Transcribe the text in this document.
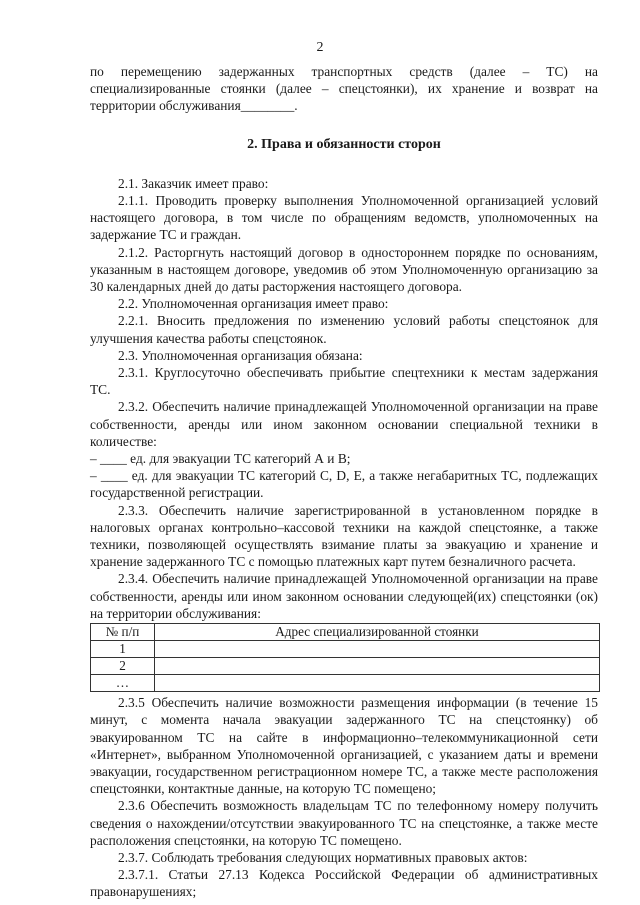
2

по перемещению задержанных транспортных средств (далее – ТС) на специализированные стоянки (далее – спецстоянки), их хранение и возврат на территории обслуживания________.

2. Права и обязанности сторон

2.1. Заказчик имеет право:

2.1.1. Проводить проверку выполнения Уполномоченной организацией условий настоящего договора, в том числе по обращениям ведомств, уполномоченных на задержание ТС и граждан.

2.1.2. Расторгнуть настоящий договор в одностороннем порядке по основаниям, указанным в настоящем договоре, уведомив об этом Уполномоченную организацию за 30 календарных дней до даты расторжения настоящего договора.

2.2. Уполномоченная организация имеет право:

2.2.1. Вносить предложения по изменению условий работы спецстоянок для улучшения качества работы спецстоянок.

2.3. Уполномоченная организация обязана:

2.3.1. Круглосуточно обеспечивать прибытие спецтехники к местам задержания ТС.

2.3.2. Обеспечить наличие принадлежащей Уполномоченной организации на праве собственности, аренды или ином законном основании специальной техники в количестве:

– ____ ед. для эвакуации ТС категорий А и В;

– ____ ед. для эвакуации ТС категорий C, D, E, а также негабаритных ТС, подлежащих государственной регистрации.

2.3.3. Обеспечить наличие зарегистрированной в установленном порядке в налоговых органах контрольно–кассовой техники на каждой спецстоянке, а также техники, позволяющей осуществлять взимание платы за эвакуацию и хранение и хранение задержанного ТС с помощью платежных карт путем безналичного расчета.

2.3.4. Обеспечить наличие принадлежащей Уполномоченной организации на праве собственности, аренды или ином законном основании следующей(их) спецстоянки (ок) на территории обслуживания:

№ п/п	Адрес специализированной стоянки
1	
2	
…	

2.3.5 Обеспечить наличие возможности размещения информации (в течение 15 минут, с момента начала эвакуации задержанного ТС на спецстоянку) об эвакуированном ТС на сайте в информационно–телекоммуникационной сети «Интернет», выбранном Уполномоченной организацией, с указанием даты и времени эвакуации, государственном регистрационном номере ТС, а также месте расположения спецстоянки, контактные данные, на которую ТС помещено;

2.3.6 Обеспечить возможность владельцам ТС по телефонному номеру получить сведения о нахождении/отсутствии эвакуированного ТС на спецстоянке, а также месте расположения спецстоянки, на которую ТС помещено.

2.3.7. Соблюдать требования следующих нормативных правовых актов:

2.3.7.1. Статьи 27.13 Кодекса Российской Федерации об административных правонарушениях;
